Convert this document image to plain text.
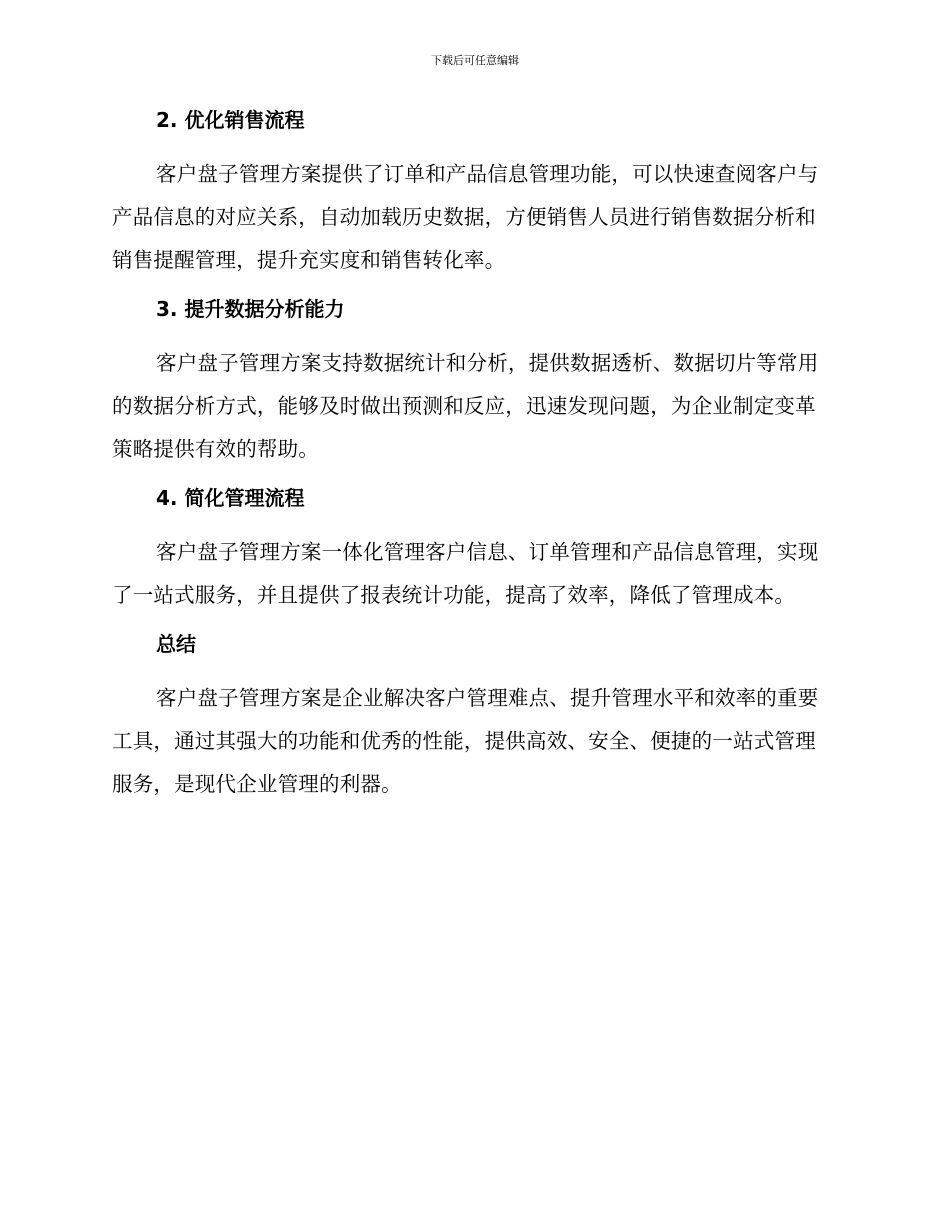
下载后可任意编辑
2. 优化销售流程

客户盘子管理方案提供了订单和产品信息管理功能，可以快速查阅客户与产品信息的对应关系，自动加载历史数据，方便销售人员进行销售数据分析和销售提醒管理，提升充实度和销售转化率。

3. 提升数据分析能力

客户盘子管理方案支持数据统计和分析，提供数据透析、数据切片等常用的数据分析方式，能够及时做出预测和反应，迅速发现问题，为企业制定变革策略提供有效的帮助。

4. 简化管理流程

客户盘子管理方案一体化管理客户信息、订单管理和产品信息管理，实现了一站式服务，并且提供了报表统计功能，提高了效率，降低了管理成本。

总结

客户盘子管理方案是企业解决客户管理难点、提升管理水平和效率的重要工具，通过其强大的功能和优秀的性能，提供高效、安全、便捷的一站式管理服务，是现代企业管理的利器。
